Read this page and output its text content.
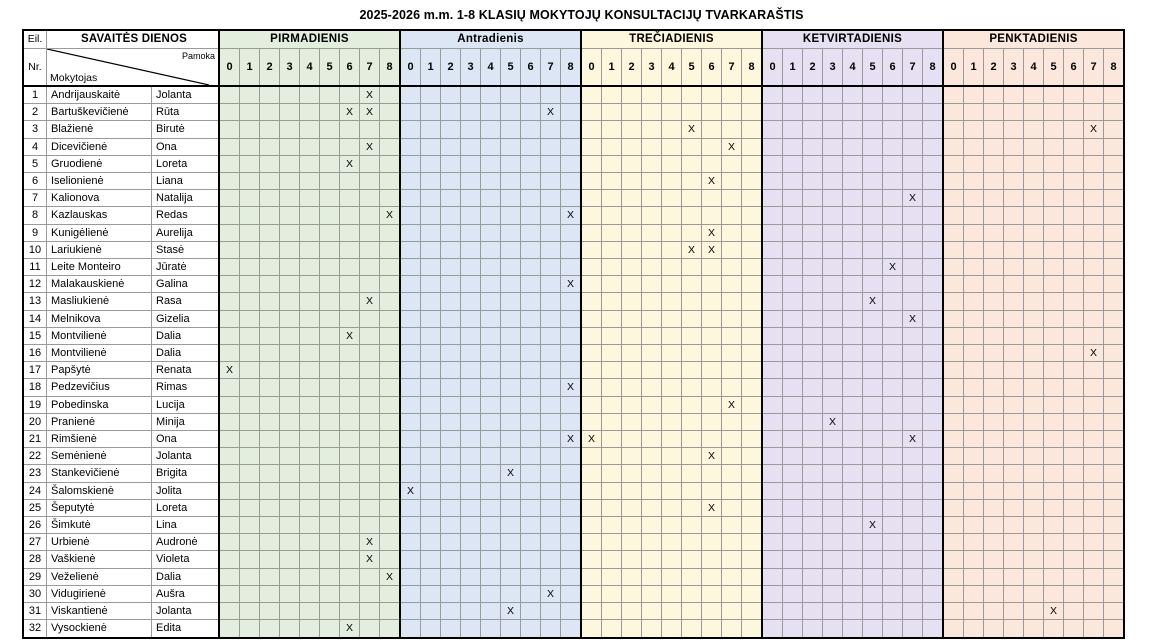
2025-2026 m.m. 1-8 KLASIŲ MOKYTOJŲ KONSULTACIJŲ TVARKARAŠTIS
Eil.	SAVAITĖS DIENOS		PIRMADIENIS									Antradienis									TREČIADIENIS									KETVIRTADIENIS									PENKTADIENIS								
Nr.	Pamoka
Mokytojas		0	1	2	3	4	5	6	7	8	0	1	2	3	4	5	6	7	8	0	1	2	3	4	5	6	7	8	0	1	2	3	4	5	6	7	8	0	1	2	3	4	5	6	7	8
1	Andrijauskaitė	Jolanta								X																																					
2	Bartuškevičienė	Rūta							X	X									X																												
3	Blažienė	Birutė																								X																				X	
4	Dicevičienė	Ona								X																		X																			
5	Gruodienė	Loreta							X																																						
6	Iselionienė	Liana																									X																				
7	Kalionova	Natalija																																			X										
8	Kazlauskas	Redas									X									X																											
9	Kunigėlienė	Aurelija																									X																				
10	Lariukienė	Stasė																								X	X																				
11	Leite Monteiro	Jūratė																																		X											
12	Malakauskienė	Galina																		X																											
13	Masliukienė	Rasa								X																									X												
14	Melnikova	Gizelia																																			X										
15	Montvilienė	Dalia							X																																						
16	Montvilienė	Dalia																																												X	
17	Papšytė	Renata	X																																												
18	Pedzevičius	Rimas																		X																											
19	Pobedinska	Lucija																										X																			
20	Pranienė	Minija																															X														
21	Rimšienė	Ona																		X	X																X										
22	Semėnienė	Jolanta																									X																				
23	Stankevičienė	Brigita															X																														
24	Šalomskienė	Jolita										X																																			
25	Šeputytė	Loreta																									X																				
26	Šimkutė	Lina																																	X												
27	Urbienė	Audronė								X																																					
28	Vaškienė	Violeta								X																																					
29	Veželienė	Dalia									X																																				
30	Vidugirienė	Aušra																	X																												
31	Viskantienė	Jolanta															X																											X			
32	Vysockienė	Edita							X																																						
